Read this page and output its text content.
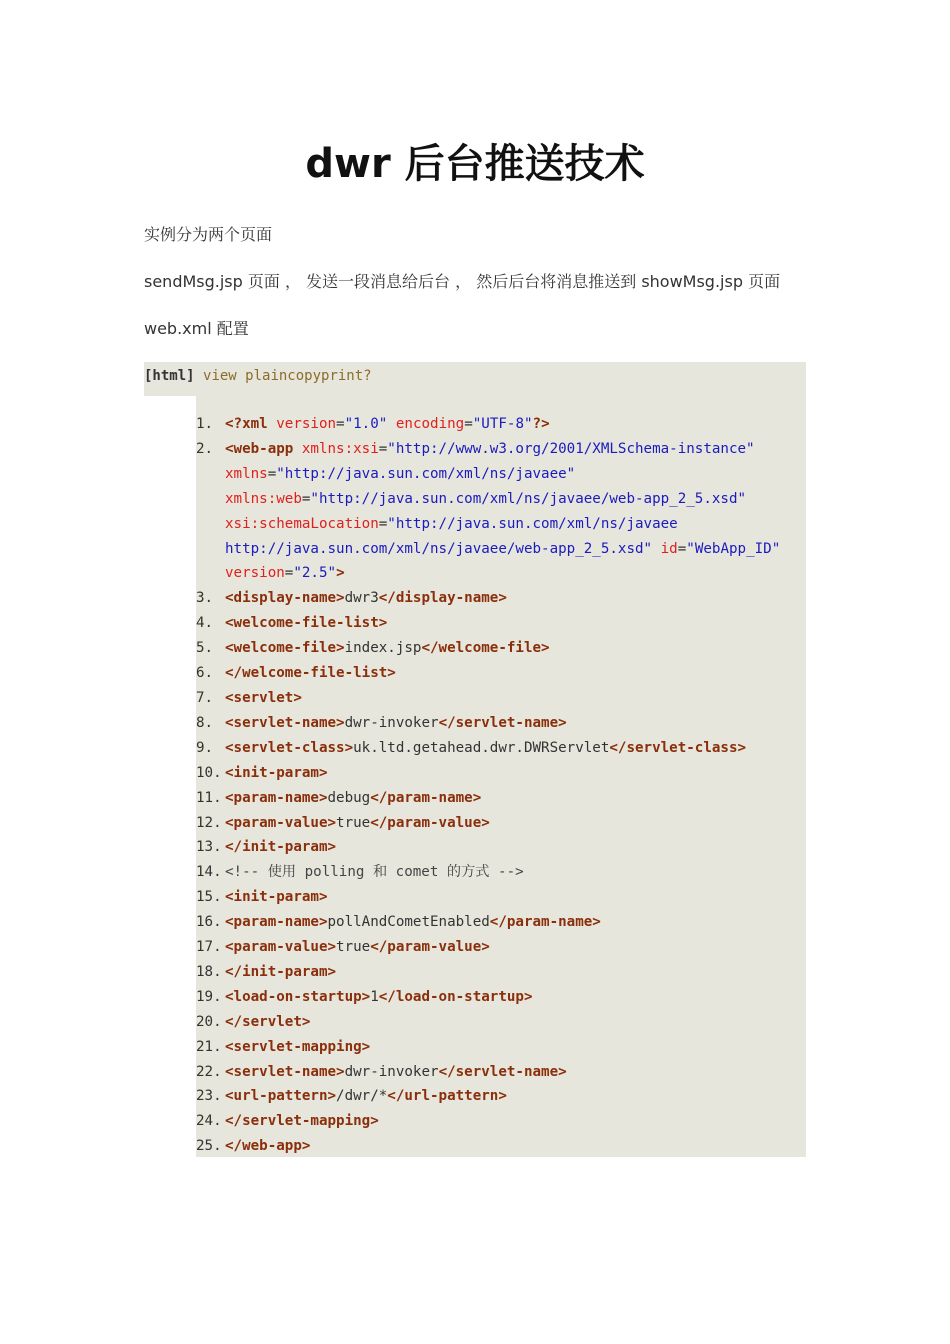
dwr 后台推送技术

实例分为两个页面

sendMsg.jsp 页面 ， 发送一段消息给后台 ， 然后后台将消息推送到 showMsg.jsp 页面

web.xml 配置

[html] view plaincopyprint?
1. <?xml version="1.0" encoding="UTF-8"?>
2. <web-app xmlns:xsi="http://www.w3.org/2001/XMLSchema-instance"
xmlns="http://java.sun.com/xml/ns/javaee"
xmlns:web="http://java.sun.com/xml/ns/javaee/web-app_2_5.xsd"
xsi:schemaLocation="http://java.sun.com/xml/ns/javaee
http://java.sun.com/xml/ns/javaee/web-app_2_5.xsd" id="WebApp_ID"
version="2.5">
3. <display-name>dwr3</display-name>
4. <welcome-file-list>
5. <welcome-file>index.jsp</welcome-file>
6. </welcome-file-list>
7. <servlet>
8. <servlet-name>dwr-invoker</servlet-name>
9. <servlet-class>uk.ltd.getahead.dwr.DWRServlet</servlet-class>
10. <init-param>
11. <param-name>debug</param-name>
12. <param-value>true</param-value>
13. </init-param>
14. <!-- 使用 polling 和 comet 的方式 -->
15. <init-param>
16. <param-name>pollAndCometEnabled</param-name>
17. <param-value>true</param-value>
18. </init-param>
19. <load-on-startup>1</load-on-startup>
20. </servlet>
21. <servlet-mapping>
22. <servlet-name>dwr-invoker</servlet-name>
23. <url-pattern>/dwr/*</url-pattern>
24. </servlet-mapping>
25. </web-app>
